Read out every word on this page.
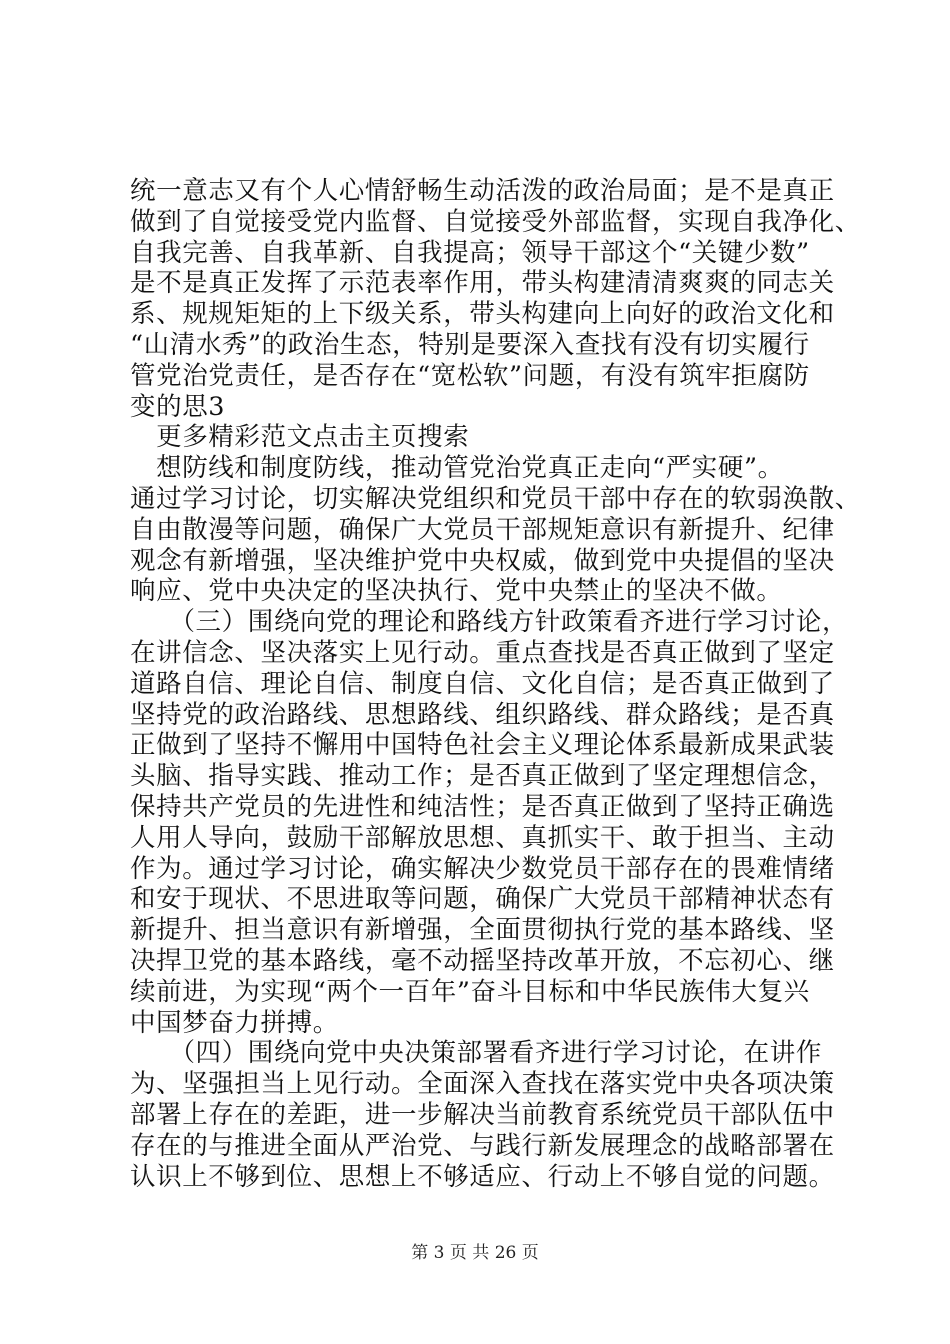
统一意志又有个人心情舒畅生动活泼的政治局面；是不是真正
做到了自觉接受党内监督、自觉接受外部监督，实现自我净化、
自我完善、自我革新、自我提高；领导干部这个“关键少数”
是不是真正发挥了示范表率作用，带头构建清清爽爽的同志关
系、规规矩矩的上下级关系，带头构建向上向好的政治文化和
“山清水秀”的政治生态，特别是要深入查找有没有切实履行
管党治党责任，是否存在“宽松软”问题，有没有筑牢拒腐防
变的思3
　更多精彩范文点击主页搜索
　想防线和制度防线，推动管党治党真正走向“严实硬”。
通过学习讨论，切实解决党组织和党员干部中存在的软弱涣散、
自由散漫等问题，确保广大党员干部规矩意识有新提升、纪律
观念有新增强，坚决维护党中央权威，做到党中央提倡的坚决
响应、党中央决定的坚决执行、党中央禁止的坚决不做。
　　（三）围绕向党的理论和路线方针政策看齐进行学习讨论，
在讲信念、坚决落实上见行动。重点查找是否真正做到了坚定
道路自信、理论自信、制度自信、文化自信；是否真正做到了
坚持党的政治路线、思想路线、组织路线、群众路线；是否真
正做到了坚持不懈用中国特色社会主义理论体系最新成果武装
头脑、指导实践、推动工作；是否真正做到了坚定理想信念，
保持共产党员的先进性和纯洁性；是否真正做到了坚持正确选
人用人导向，鼓励干部解放思想、真抓实干、敢于担当、主动
作为。通过学习讨论，确实解决少数党员干部存在的畏难情绪
和安于现状、不思进取等问题，确保广大党员干部精神状态有
新提升、担当意识有新增强，全面贯彻执行党的基本路线、坚
决捍卫党的基本路线，毫不动摇坚持改革开放，不忘初心、继
续前进，为实现“两个一百年”奋斗目标和中华民族伟大复兴
中国梦奋力拼搏。
　　（四）围绕向党中央决策部署看齐进行学习讨论，在讲作
为、坚强担当上见行动。全面深入查找在落实党中央各项决策
部署上存在的差距，进一步解决当前教育系统党员干部队伍中
存在的与推进全面从严治党、与践行新发展理念的战略部署在
认识上不够到位、思想上不够适应、行动上不够自觉的问题。
第 3 页 共 26 页
